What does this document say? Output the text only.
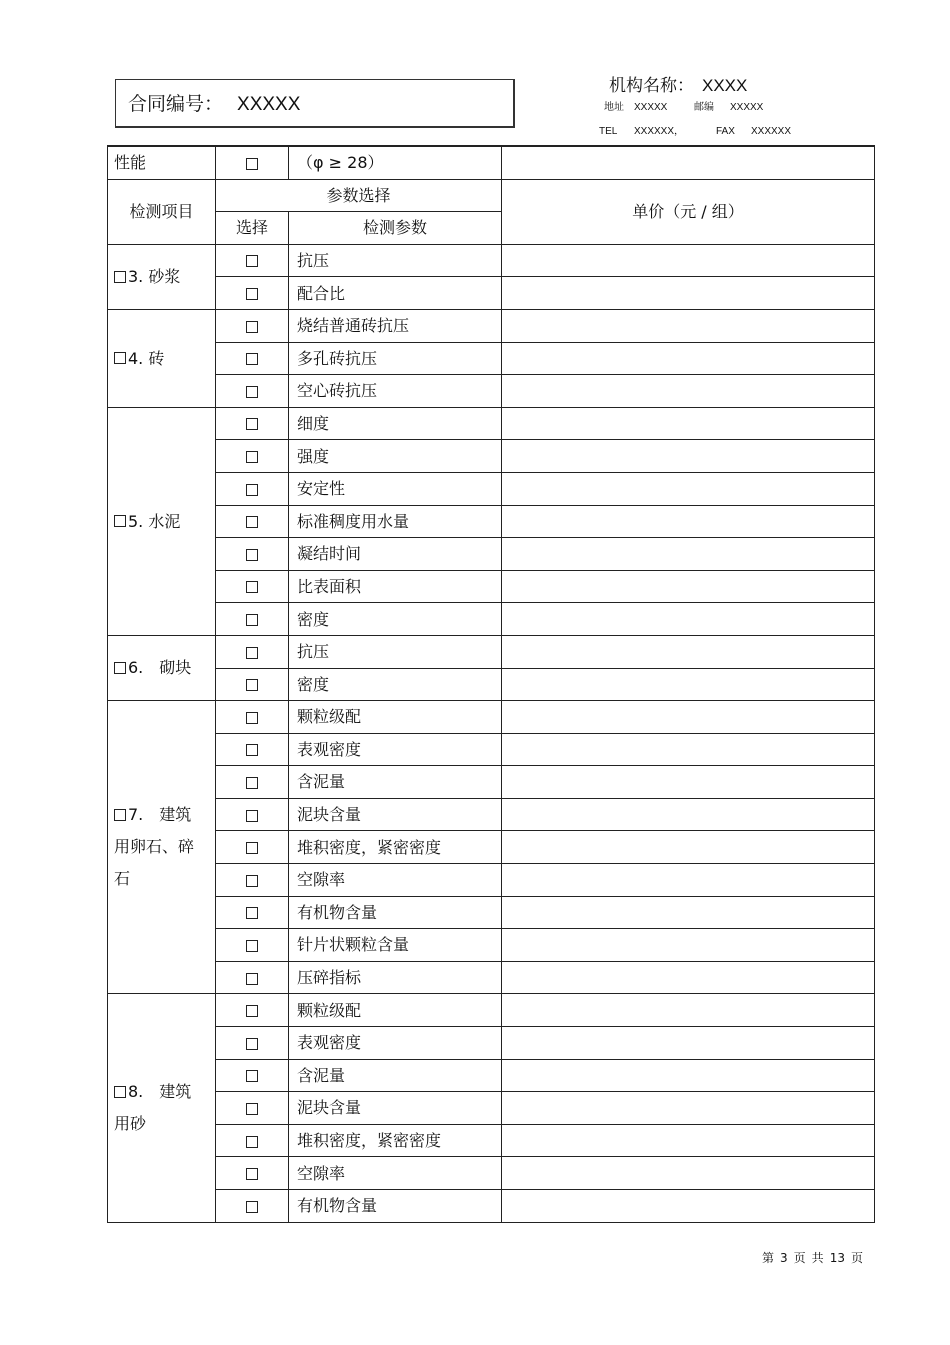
合同编号： XXXXX
机构名称： XXXX
地址 XXXXX	邮编 XXXXX
TEL XXXXXX，	FAX XXXXXX
性能		（φ ≥ 28）	
检测项目	参数选择		单价（元 / 组）
	选择	检测参数	
3. 砂浆		抗压	
		配合比	
4. 砖		烧结普通砖抗压	
		多孔砖抗压	
		空心砖抗压	
5. 水泥		细度	
		强度	
		安定性	
		标准稠度用水量	
		凝结时间	
		比表面积	
		密度	
6.　砌块		抗压	
		密度	

7.　建筑
用卵石、碎
石		颗粒级配	
		表观密度	
		含泥量	
		泥块含量	
		堆积密度，紧密密度	
		空隙率	
		有机物含量	
		针片状颗粒含量	
		压碎指标	

8.　建筑
用砂		颗粒级配	
		表观密度	
		含泥量	
		泥块含量	
		堆积密度，紧密密度	
		空隙率	
		有机物含量	
第 3 页 共 13 页
